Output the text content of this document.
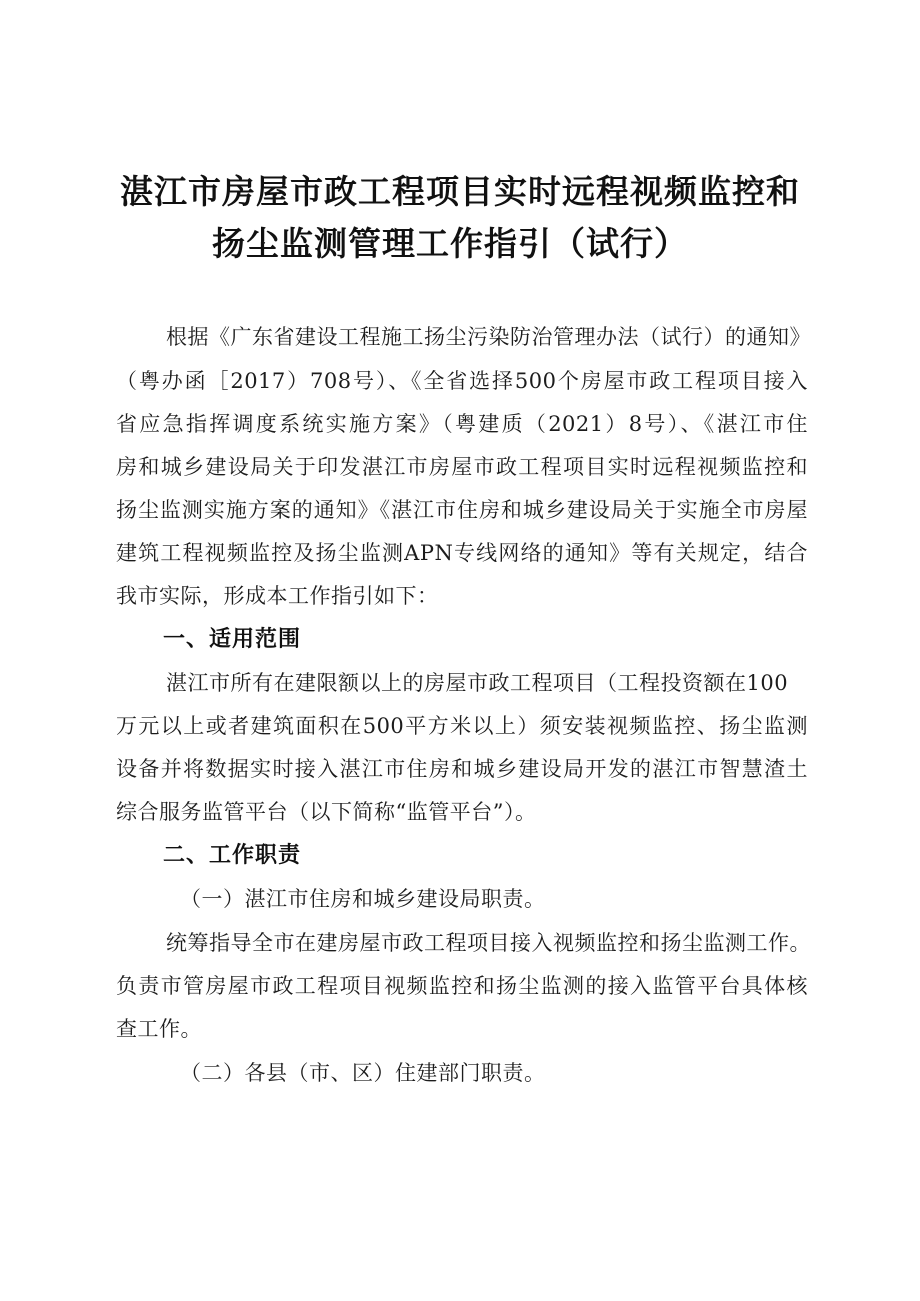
湛江市房屋市政工程项目实时远程视频监控和
扬尘监测管理工作指引（试行）
根据《广东省建设工程施工扬尘污染防治管理办法（试行）的通知》
（粤办函［2017）708号）、《全省选择500个房屋市政工程项目接入
省应急指挥调度系统实施方案》（粤建质（2021）8号）、《湛江市住
房和城乡建设局关于印发湛江市房屋市政工程项目实时远程视频监控和
扬尘监测实施方案的通知》《湛江市住房和城乡建设局关于实施全市房屋
建筑工程视频监控及扬尘监测APN专线网络的通知》等有关规定，结合
我市实际，形成本工作指引如下：
一、适用范围
湛江市所有在建限额以上的房屋市政工程项目（工程投资额在100
万元以上或者建筑面积在500平方米以上）须安装视频监控、扬尘监测
设备并将数据实时接入湛江市住房和城乡建设局开发的湛江市智慧渣土
综合服务监管平台（以下简称“监管平台”）。
二、工作职责
（一）湛江市住房和城乡建设局职责。
统筹指导全市在建房屋市政工程项目接入视频监控和扬尘监测工作。
负责市管房屋市政工程项目视频监控和扬尘监测的接入监管平台具体核
查工作。
（二）各县（市、区）住建部门职责。
